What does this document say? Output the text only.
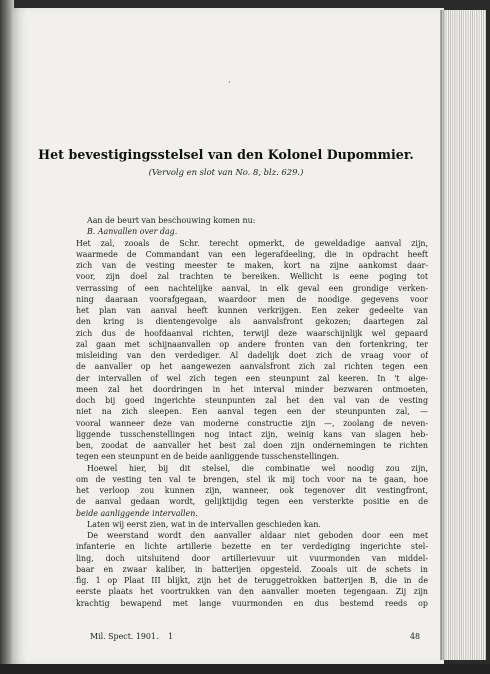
·
Het bevestigingsstelsel van den Kolonel Dupommier.
(Vervolg en slot van No. 8, blz. 629.)
Aan de beurt van beschouwing komen nu:
B. Aanvallen over dag.
Het zal, zooals de Schr. terecht opmerkt, de geweldadige aanval zijn,
waarmede de Commandant van een legerafdeeling, die in opdracht heeft
zich van de vesting meester te maken, kort na zijne aankomst daar-
voor, zijn doel zal trachten te bereiken. Wellicht is eene poging tot
verrassing of een nachtelijke aanval, in elk geval een grondige verken-
ning daaraan voorafgegaan, waardoor men de noodige gegevens voor
het plan van aanval heeft kunnen verkrijgen. Een zeker gedeelte van
den kring is dientengevolge als aanvalsfront gekozen; daartegen zal
zich dus de hoofdaanval richten, terwijl deze waarschijnlijk wel gepaard
zal gaan met schijnaanvallen op andere fronten van den fortenkring, ter
misleiding van den verdediger. Al dadelijk doet zich de vraag voor of
de aanvaller op het aangewezen aanvalsfront zich zal richten tegen een
der intervallen of wel zich tegen een steunpunt zal keeren. In 't alge-
meen zal het doordringen in het interval minder bezwaren ontmoeten,
doch bij goed ingerichte steunpunten zal het den val van de vesting
niet na zich sleepen. Een aanval tegen een der steunpunten zal, —
vooral wanneer deze van moderne constructie zijn —, zoolang de neven-
liggende tusschenstellingen nog intact zijn, weinig kans van slagen heb-
ben, zoodat de aanvaller het best zal doen zijn ondernemingen te richten
tegen een steunpunt en de beide aanliggende tusschenstellingen.
Hoewel hier, bij dit stelsel, die combinatie wel noodig zou zijn,
om de vesting ten val te brengen, stel ik mij toch voor na te gaan, hoe
het verloop zou kunnen zijn, wanneer, ook tegenover dit vestingfront,
de aanval gedaan wordt, gelijktijdig tegen een versterkte positie en de
beide aanliggende intervallen.
Laten wij eerst zien, wat in de intervallen geschieden kan.
De weerstand wordt den aanvaller aldaar niet geboden door een met
infanterie en lichte artillerie bezette en ter verdediging ingerichte stel-
ling, doch uitsluitend door artillerievuur uit vuurmonden van middel-
baar en zwaar kaliber, in batterijen opgesteld. Zooals uit de schets in
fig. 1 op Plaat III blijkt, zijn het de teruggetrokken batterijen B, die in de
eerste plaats het voortrukken van den aanvaller moeten tegengaan. Zij zijn
krachtig bewapend met lange vuurmonden en dus bestemd reeds op
Mil. Spect. 1901. 1	48
